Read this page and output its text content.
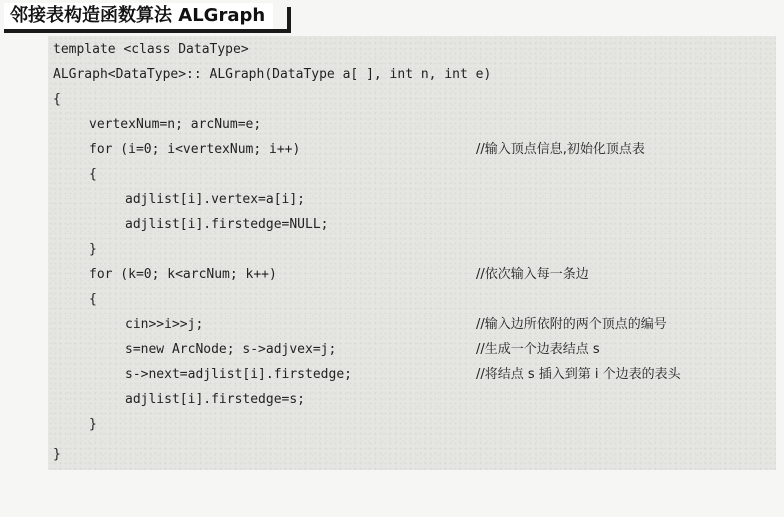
邻接表构造函数算法 ALGraph

template <class DataType>

ALGraph<DataType>:: ALGraph(DataType a[ ], int n, int e)

{

vertexNum=n; arcNum=e;

for (i=0; i<vertexNum; i++)

	//输入顶点信息,初始化顶点表

{

adjlist[i].vertex=a[i];

adjlist[i].firstedge=NULL;

}

for (k=0; k<arcNum; k++)

	//依次输入每一条边

{

cin>>i>>j;

	//输入边所依附的两个顶点的编号

s=new ArcNode; s->adjvex=j;

	//生成一个边表结点 s

s->next=adjlist[i].firstedge;

	//将结点 s 插入到第 i 个边表的表头

adjlist[i].firstedge=s;

}

}
